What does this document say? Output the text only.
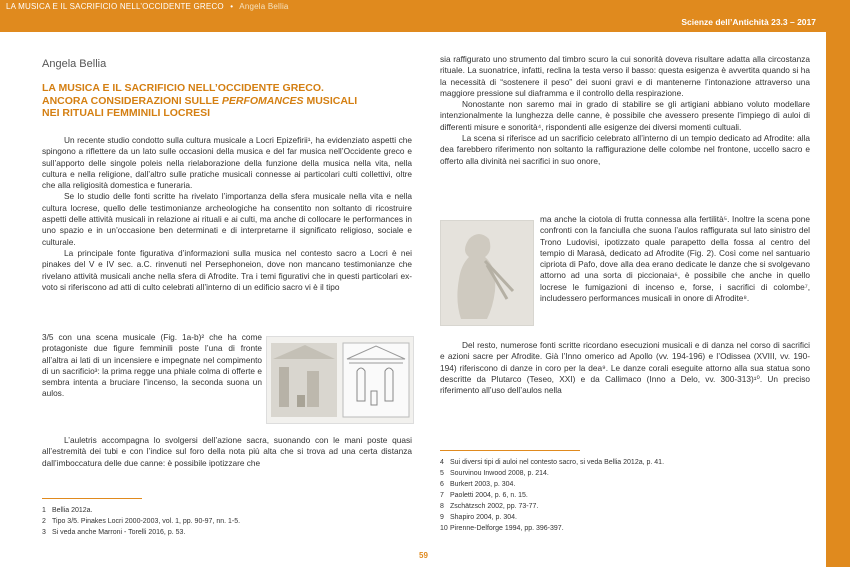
LA MUSICA E IL SACRIFICIO NELL’OCCIDENTE GRECO • Angela Bellia
Scienze dell’Antichità 23.3 – 2017
Angela Bellia
LA MUSICA E IL SACRIFICIO NELL’OCCIDENTE GRECO.
ANCORA CONSIDERAZIONI SULLE PERFOMANCES MUSICALI
NEI RITUALI FEMMINILI LOCRESI

Un recente studio condotto sulla cultura musicale a Locri Epizefirii¹, ha evidenziato aspetti che spingono a riflettere da un lato sulle occasioni della musica e del far musica nell’Occidente greco e sull’apporto delle singole poleis nella rielaborazione della funzione della musica nella vita, nella cultura e nella religione, dall’altro sulle pratiche musicali connesse ai particolari culti collettivi, oltre che alla religiosità domestica e funeraria.

Se lo studio delle fonti scritte ha rivelato l’importanza della sfera musicale nella vita e nella cultura locrese, quello delle testimonianze archeologiche ha consentito non soltanto di ricostruire aspetti delle attività musicali in relazione ai rituali e ai culti, ma anche di collocare le performances in uno spazio e in un’occasione ben determinati e di interpretarne il significato religioso, sociale e culturale.

La principale fonte figurativa d’informazioni sulla musica nel contesto sacro a Locri è nei pinakes del V e IV sec. a.C. rinvenuti nel Persephoneion, dove non mancano testimonianze che rivelano attività musicali anche nella sfera di Afrodite. Tra i temi figurativi che in questi particolari ex-voto si riferiscono ad atti di culto celebrati all’interno di un edificio sacro vi è il tipo

3/5 con una scena musicale (Fig. 1a-b)² che ha come protagoniste due figure femminili poste l’una di fronte all’altra ai lati di un incensiere e impegnate nel compimento di un sacrificio³: la prima regge una phiale colma di offerte e sembra intenta a bruciare l’incenso, la seconda suona un aulos.

L’auletris accompagna lo svolgersi dell’azione sacra, suonando con le mani poste quasi all’estremità dei tubi e con l’indice sul foro della nota più alta che si trova ad una certa distanza dall’imboccatura delle due canne: è possibile ipotizzare che

1 Bellia 2012a.
2 Tipo 3/5. Pinakes Locri 2000-2003, vol. 1, pp. 90-97, nn. 1-5.
3 Si veda anche Marroni - Torelli 2016, p. 53.

sia raffigurato uno strumento dal timbro scuro la cui sonorità doveva risultare adatta alla circostanza rituale. La suonatrice, infatti, reclina la testa verso il basso: questa esigenza è avvertita quando si ha la necessità di “sostenere il peso” dei suoni gravi e di mantenerne l’intonazione attraverso una maggiore pressione sul diaframma e il controllo della respirazione.

Nonostante non saremo mai in grado di stabilire se gli artigiani abbiano voluto modellare intenzionalmente la lunghezza delle canne, è possibile che avessero presente l’impiego di auloi di differenti misure e sonorità⁴, rispondenti alle esigenze dei diversi momenti cultuali.

La scena si riferisce ad un sacrificio celebrato all’interno di un tempio dedicato ad Afrodite: alla dea farebbero riferimento non soltanto la raffigurazione delle colombe nel frontone, uccello sacro e offerto alla divinità nei sacrifici in suo onore,

ma anche la ciotola di frutta connessa alla fertilità⁵. Inoltre la scena pone confronti con la fanciulla che suona l’aulos raffigurata sul lato sinistro del Trono Ludovisi, ipotizzato quale parapetto della fossa al centro del tempio di Marasà, dedicato ad Afrodite (Fig. 2). Così come nel santuario cipriota di Pafo, dove alla dea erano dedicate le danze che si svolgevano attorno ad una sorta di piccionaia⁶, è possibile che anche in quello locrese le fumigazioni di incenso e, forse, i sacrifici di colombe⁷, includessero performances musicali in onore di Afrodite⁸.

Del resto, numerose fonti scritte ricordano esecuzioni musicali e di danza nel corso di sacrifici e azioni sacre per Afrodite. Già l’Inno omerico ad Apollo (vv. 194-196) e l’Odissea (XVIII, vv. 190-194) riferiscono di danze in coro per la dea⁹. Le danze corali eseguite attorno alla sua statua sono descritte da Plutarco (Teseo, XXI) e da Callimaco (Inno a Delo, vv. 300-313)¹⁰. Un preciso riferimento all’uso dell’aulos nella

4 Sui diversi tipi di auloi nel contesto sacro, si veda Bellia 2012a, p. 41.
5 Sourvinou Inwood 2008, p. 214.
6 Burkert 2003, p. 304.
7 Paoletti 2004, p. 6, n. 15.
8 Zschätzsch 2002, pp. 73-77.
9 Shapiro 2004, p. 304.
10 Pirenne-Delforge 1994, pp. 396-397.
59
